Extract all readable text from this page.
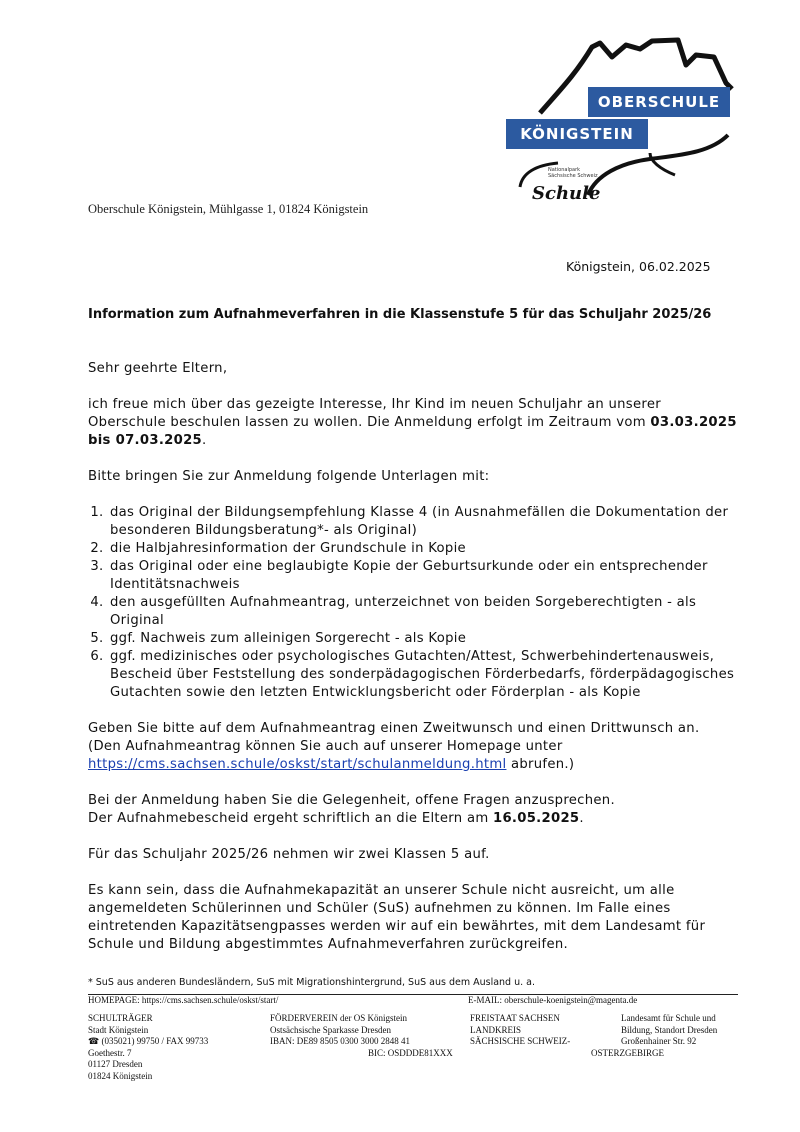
OBERSCHULE
KÖNIGSTEIN
Nationalpark Sächsische Schweiz
Schule
Oberschule Königstein, Mühlgasse 1, 01824 Königstein
Königstein, 06.02.2025
Information zum Aufnahmeverfahren in die Klassenstufe 5 für das Schuljahr 2025/26

Sehr geehrte Eltern,

ich freue mich über das gezeigte Interesse, Ihr Kind im neuen Schuljahr an unserer Oberschule beschulen lassen zu wollen. Die Anmeldung erfolgt im Zeitraum vom 03.03.2025 bis 07.03.2025.

Bitte bringen Sie zur Anmeldung folgende Unterlagen mit:

1. das Original der Bildungsempfehlung Klasse 4 (in Ausnahmefällen die Dokumentation der besonderen Bildungsberatung*- als Original)
2. die Halbjahresinformation der Grundschule in Kopie
3. das Original oder eine beglaubigte Kopie der Geburtsurkunde oder ein entsprechender Identitätsnachweis
4. den ausgefüllten Aufnahmeantrag, unterzeichnet von beiden Sorgeberechtigten - als Original
5. ggf. Nachweis zum alleinigen Sorgerecht - als Kopie
6. ggf. medizinisches oder psychologisches Gutachten/Attest, Schwerbehindertenausweis, Bescheid über Feststellung des sonderpädagogischen Förderbedarfs, förderpädagogisches Gutachten sowie den letzten Entwicklungsbericht oder Förderplan - als Kopie

Geben Sie bitte auf dem Aufnahmeantrag einen Zweitwunsch und einen Drittwunsch an.

(Den Aufnahmeantrag können Sie auch auf unserer Homepage unter

https://cms.sachsen.schule/oskst/start/schulanmeldung.html abrufen.)

Bei der Anmeldung haben Sie die Gelegenheit, offene Fragen anzusprechen.

Der Aufnahmebescheid ergeht schriftlich an die Eltern am 16.05.2025.

Für das Schuljahr 2025/26 nehmen wir zwei Klassen 5 auf.

Es kann sein, dass die Aufnahmekapazität an unserer Schule nicht ausreicht, um alle angemeldeten Schülerinnen und Schüler (SuS) aufnehmen zu können. Im Falle eines eintretenden Kapazitätsengpasses werden wir auf ein bewährtes, mit dem Landesamt für Schule und Bildung abgestimmtes Aufnahmeverfahren zurückgreifen.

* SuS aus anderen Bundesländern, SuS mit Migrationshintergrund, SuS aus dem Ausland u. a.
HOMEPAGE: https://cms.sachsen.schule/oskst/start/	E-MAIL: oberschule-koenigstein@magenta.de
SCHULTRÄGER
Stadt Königstein
☎ (035021) 99750 / FAX 99733
Goethestr. 7
01127 Dresden
01824 Königstein
FÖRDERVEREIN der OS Königstein
Ostsächsische Sparkasse Dresden
IBAN: DE89 8505 0300 3000 2848 41
BIC: OSDDDE81XXX
FREISTAAT SACHSEN
LANDKREIS
SÄCHSISCHE SCHWEIZ-
Landesamt für Schule und
Bildung, Standort Dresden
Großenhainer Str. 92
OSTERZGEBIRGE
